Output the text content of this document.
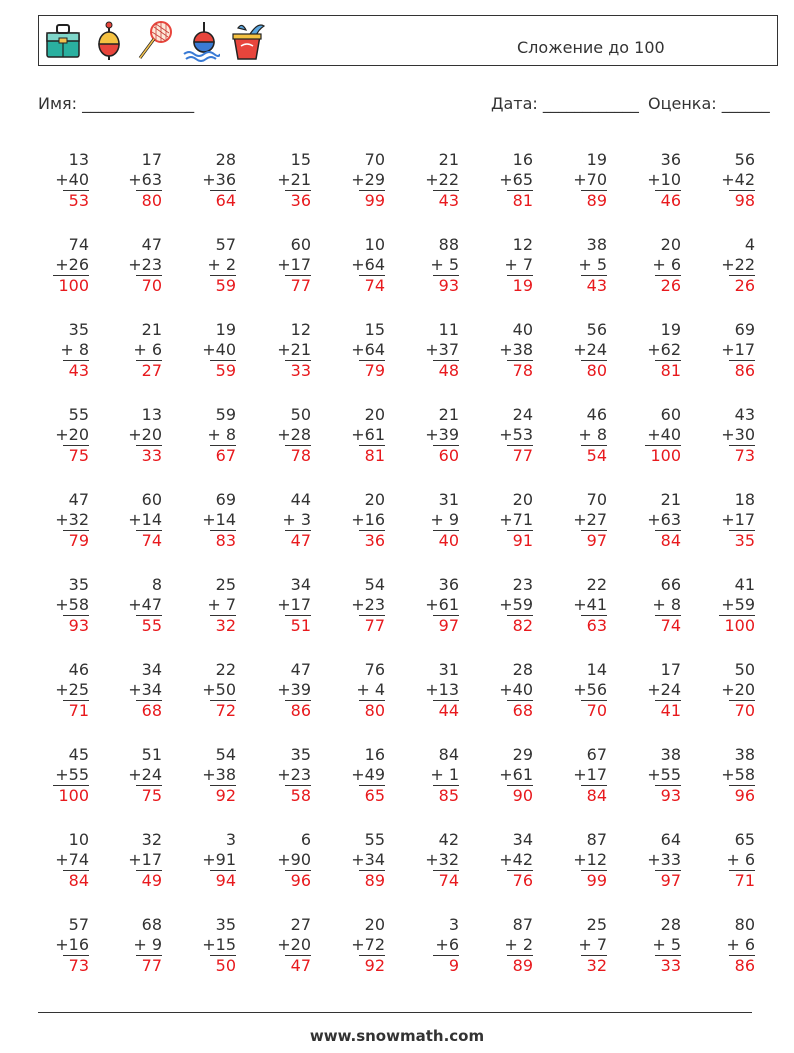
Сложение до 100
Имя: ______________	Дата: ____________ Оценка: ______
13
+40
53
17
+63
80
28
+36
64
15
+21
36
70
+29
99
21
+22
43
16
+65
81
19
+70
89
36
+10
46
56
+42
98
74
+26
100
47
+23
70
57
+ 2
59
60
+17
77
10
+64
74
88
+ 5
93
12
+ 7
19
38
+ 5
43
20
+ 6
26
4
+22
26
35
+ 8
43
21
+ 6
27
19
+40
59
12
+21
33
15
+64
79
11
+37
48
40
+38
78
56
+24
80
19
+62
81
69
+17
86
55
+20
75
13
+20
33
59
+ 8
67
50
+28
78
20
+61
81
21
+39
60
24
+53
77
46
+ 8
54
60
+40
100
43
+30
73
47
+32
79
60
+14
74
69
+14
83
44
+ 3
47
20
+16
36
31
+ 9
40
20
+71
91
70
+27
97
21
+63
84
18
+17
35
35
+58
93
8
+47
55
25
+ 7
32
34
+17
51
54
+23
77
36
+61
97
23
+59
82
22
+41
63
66
+ 8
74
41
+59
100
46
+25
71
34
+34
68
22
+50
72
47
+39
86
76
+ 4
80
31
+13
44
28
+40
68
14
+56
70
17
+24
41
50
+20
70
45
+55
100
51
+24
75
54
+38
92
35
+23
58
16
+49
65
84
+ 1
85
29
+61
90
67
+17
84
38
+55
93
38
+58
96
10
+74
84
32
+17
49
3
+91
94
6
+90
96
55
+34
89
42
+32
74
34
+42
76
87
+12
99
64
+33
97
65
+ 6
71
57
+16
73
68
+ 9
77
35
+15
50
27
+20
47
20
+72
92
3
+6
9
87
+ 2
89
25
+ 7
32
28
+ 5
33
80
+ 6
86
www.snowmath.com
